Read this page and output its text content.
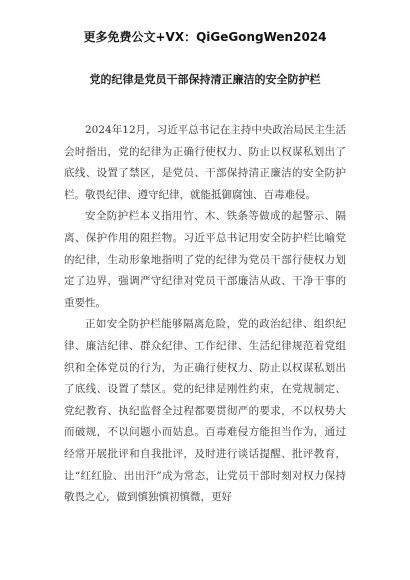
更多免费公文+VX：QiGeGongWen2024
党的纪律是党员干部保持清正廉洁的安全防护栏

2024年12月，习近平总书记在主持中央政治局民主生活会时指出，党的纪律为正确行使权力、防止以权谋私划出了底线、设置了禁区，是党员、干部保持清正廉洁的安全防护栏。敬畏纪律、遵守纪律，就能抵御腐蚀、百毒难侵。

安全防护栏本义指用竹、木、铁条等做成的起警示、隔离、保护作用的阻拦物。习近平总书记用安全防护栏比喻党的纪律，生动形象地指明了党的纪律为党员干部行使权力划定了边界，强调严守纪律对党员干部廉洁从政、干净干事的重要性。

正如安全防护栏能够隔离危险，党的政治纪律、组织纪律、廉洁纪律、群众纪律、工作纪律、生活纪律规范着党组织和全体党员的行为，为正确行使权力、防止以权谋私划出了底线、设置了禁区。党的纪律是刚性约束，在党规制定、党纪教育、执纪监督全过程都要贯彻严的要求，不以权势大而破规，不以问题小而姑息。百毒难侵方能担当作为，通过经常开展批评和自我批评，及时进行谈话提醒、批评教育，让“红红脸、出出汗”成为常态，让党员干部时刻对权力保持敬畏之心，做到慎独慎初慎微，更好
